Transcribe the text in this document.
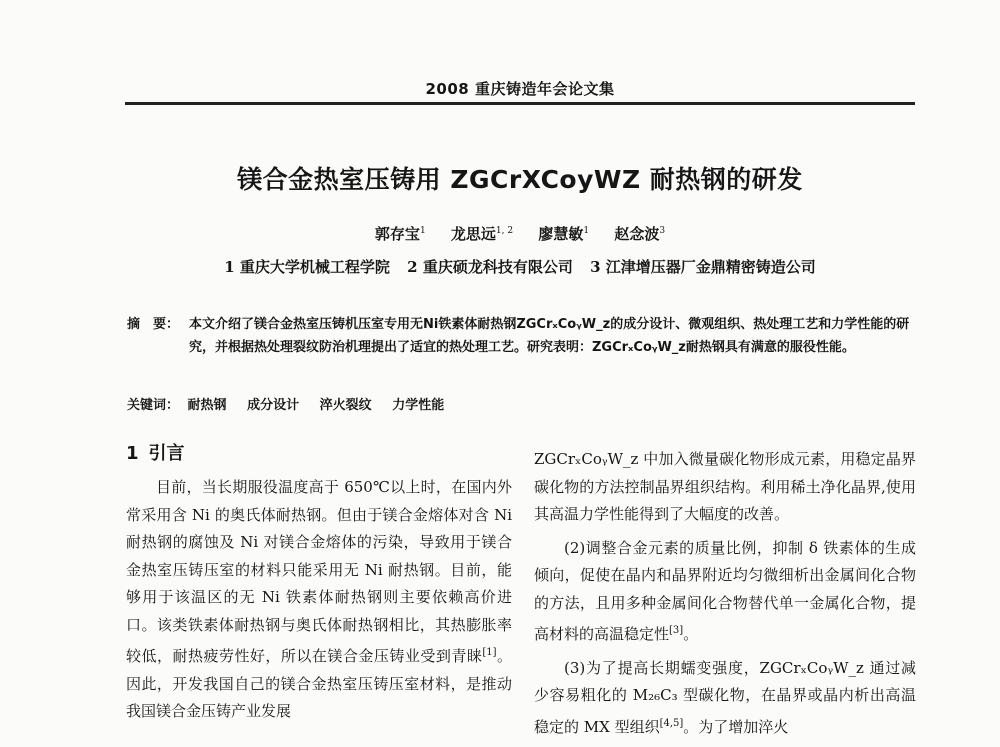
2008 重庆铸造年会论文集
镁合金热室压铸用 ZGCrXCoyWZ 耐热钢的研发
郭存宝$^1$ 龙思远$^{1, 2}$ 廖慧敏$^1$ 赵念波$^3$
1 重庆大学机械工程学院 2 重庆硕龙科技有限公司 3 江津增压器厂金鼎精密铸造公司
摘　要： 本文介绍了镁合金热室压铸机压室专用无Ni铁素体耐热钢ZGCrₓCoᵧW_z的成分设计、微观组织、热处理工艺和力学性能的研究，并根据热处理裂纹防治机理提出了适宜的热处理工艺。研究表明：ZGCrₓCoᵧW_z耐热钢具有满意的服役性能。
关键词： 耐热钢 成分设计 淬火裂纹 力学性能
1 引言

目前，当长期服役温度高于 650℃以上时，在国内外常采用含 Ni 的奥氏体耐热钢。但由于镁合金熔体对含 Ni 耐热钢的腐蚀及 Ni 对镁合金熔体的污染，导致用于镁合金热室压铸压室的材料只能采用无 Ni 耐热钢。目前，能够用于该温区的无 Ni 铁素体耐热钢则主要依赖高价进口。该类铁素体耐热钢与奥氏体耐热钢相比，其热膨胀率较低，耐热疲劳性好，所以在镁合金压铸业受到青睐[1]。因此，开发我国自己的镁合金热室压铸压室材料，是推动我国镁合金压铸产业发展

ZGCrₓCoᵧW_z 中加入微量碳化物形成元素，用稳定晶界碳化物的方法控制晶界组织结构。利用稀土净化晶界,使用其高温力学性能得到了大幅度的改善。

(2)调整合金元素的质量比例，抑制 δ 铁素体的生成倾向，促使在晶内和晶界附近均匀微细析出金属间化合物的方法，且用多种金属间化合物替代单一金属化合物，提高材料的高温稳定性[3]。

(3)为了提高长期蠕变强度，ZGCrₓCoᵧW_z 通过减少容易粗化的 M₂₆C₃ 型碳化物，在晶界或晶内析出高温稳定的 MX 型组织[4,5]。为了增加淬火
